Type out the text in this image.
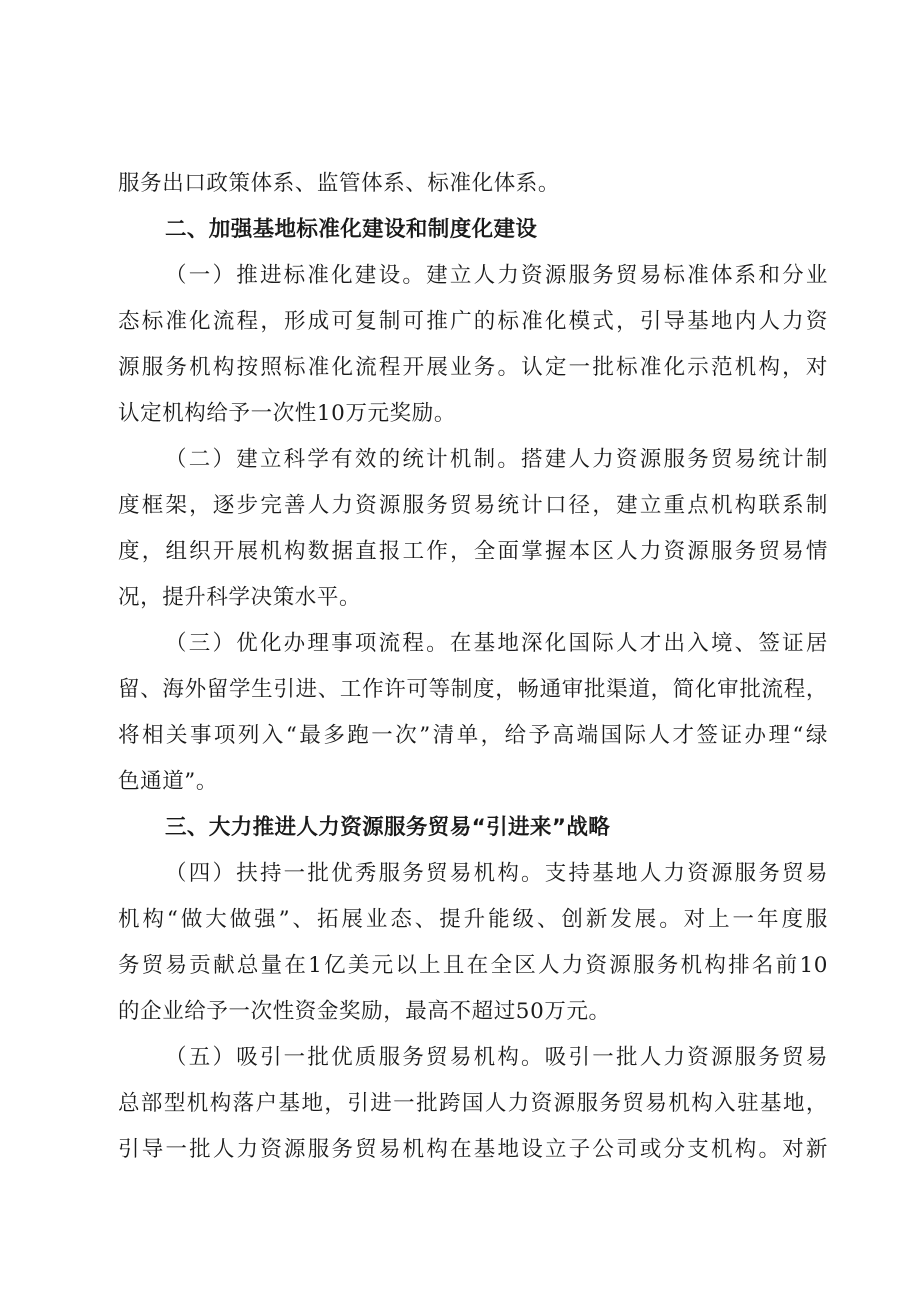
服务出口政策体系、监管体系、标准化体系。
二、加强基地标准化建设和制度化建设
（一）推进标准化建设。建立人力资源服务贸易标准体系和分业
态标准化流程，形成可复制可推广的标准化模式，引导基地内人力资
源服务机构按照标准化流程开展业务。认定一批标准化示范机构，对
认定机构给予一次性10万元奖励。
（二）建立科学有效的统计机制。搭建人力资源服务贸易统计制
度框架，逐步完善人力资源服务贸易统计口径，建立重点机构联系制
度，组织开展机构数据直报工作，全面掌握本区人力资源服务贸易情
况，提升科学决策水平。
（三）优化办理事项流程。在基地深化国际人才出入境、签证居
留、海外留学生引进、工作许可等制度，畅通审批渠道，简化审批流程，
将相关事项列入“最多跑一次”清单，给予高端国际人才签证办理“绿
色通道”。
三、大力推进人力资源服务贸易“引进来”战略
（四）扶持一批优秀服务贸易机构。支持基地人力资源服务贸易
机构“做大做强”、拓展业态、提升能级、创新发展。对上一年度服
务贸易贡献总量在1亿美元以上且在全区人力资源服务机构排名前10
的企业给予一次性资金奖励，最高不超过50万元。
（五）吸引一批优质服务贸易机构。吸引一批人力资源服务贸易
总部型机构落户基地，引进一批跨国人力资源服务贸易机构入驻基地，
引导一批人力资源服务贸易机构在基地设立子公司或分支机构。对新
